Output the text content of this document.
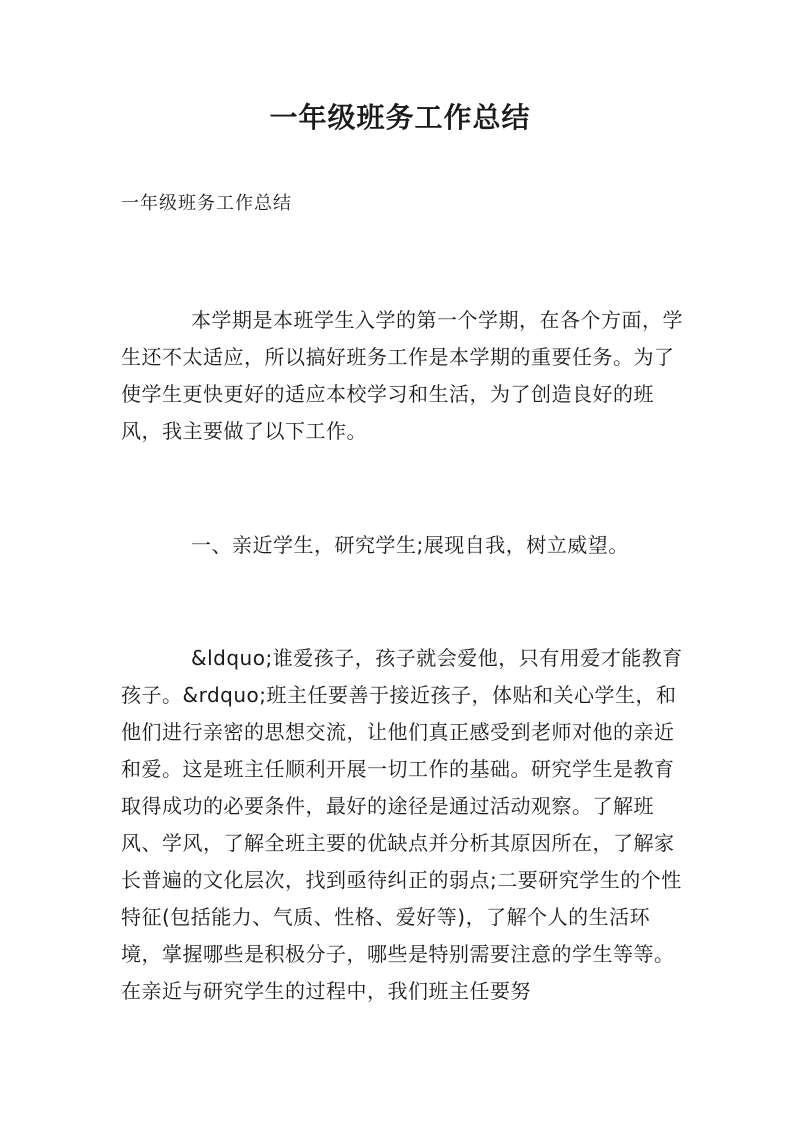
一年级班务工作总结
一年级班务工作总结
本学期是本班学生入学的第一个学期，在各个方面，学生还不太适应，所以搞好班务工作是本学期的重要任务。为了使学生更快更好的适应本校学习和生活，为了创造良好的班风，我主要做了以下工作。
一、亲近学生，研究学生;展现自我，树立威望。
&ldquo;谁爱孩子，孩子就会爱他，只有用爱才能教育孩子。&rdquo;班主任要善于接近孩子，体贴和关心学生，和他们进行亲密的思想交流，让他们真正感受到老师对他的亲近和爱。这是班主任顺利开展一切工作的基础。研究学生是教育取得成功的必要条件，最好的途径是通过活动观察。了解班风、学风，了解全班主要的优缺点并分析其原因所在，了解家长普遍的文化层次，找到亟待纠正的弱点;二要研究学生的个性特征(包括能力、气质、性格、爱好等)，了解个人的生活环境，掌握哪些是积极分子，哪些是特别需要注意的学生等等。在亲近与研究学生的过程中，我们班主任要努
